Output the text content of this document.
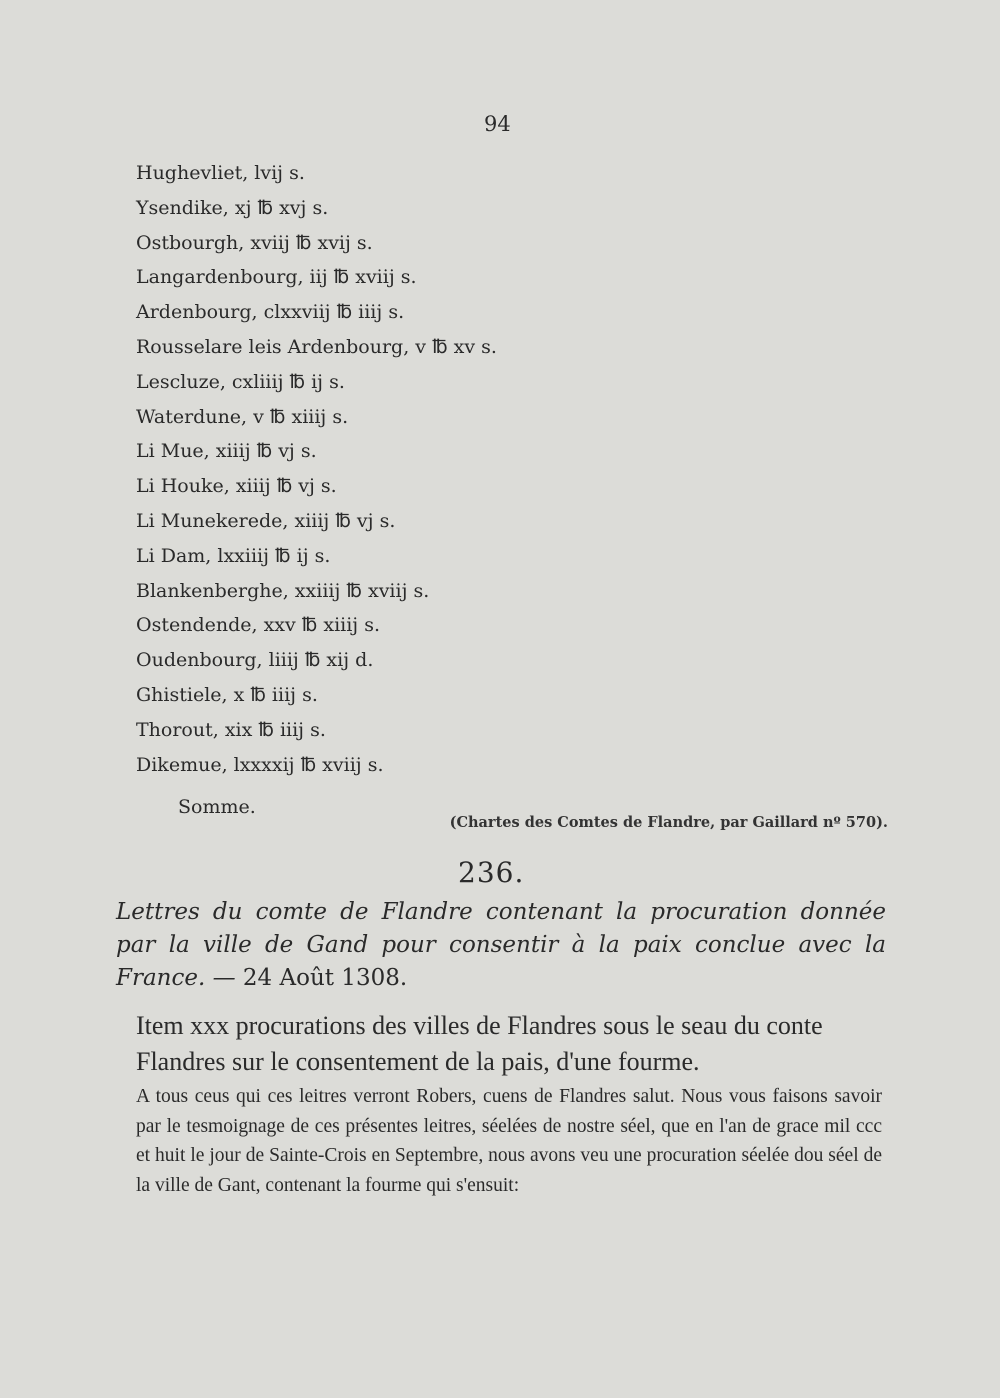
94
Hughevliet, lvij s.
Ysendike, xj ℔ xvj s.
Ostbourgh, xviij ℔ xvij s.
Langardenbourg, iij ℔ xviij s.
Ardenbourg, clxxviij ℔ iiij s.
Rousselare leis Ardenbourg, v ℔ xv s.
Lescluze, cxliiij ℔ ij s.
Waterdune, v ℔ xiiij s.
Li Mue, xiiij ℔ vj s.
Li Houke, xiiij ℔ vj s.
Li Munekerede, xiiij ℔ vj s.
Li Dam, lxxiiij ℔ ij s.
Blankenberghe, xxiiij ℔ xviij s.
Ostendende, xxv ℔ xiiij s.
Oudenbourg, liiij ℔ xij d.
Ghistiele, x ℔ iiij s.
Thorout, xix ℔ iiij s.
Dikemue, lxxxxij ℔ xviij s.
Somme.
(Chartes des Comtes de Flandre, par Gaillard nº 570).
236.
Lettres du comte de Flandre contenant la procuration donnée par la ville de Gand pour consentir à la paix conclue avec la France. — 24 Août 1308.
Item xxx procurations des villes de Flandres sous le seau du conte Flandres sur le consentement de la pais, d'une fourme.
A tous ceus qui ces leitres verront Robers, cuens de Flandres salut. Nous vous faisons savoir par le tesmoignage de ces présentes leitres, séelées de nostre séel, que en l'an de grace mil ccc et huit le jour de Sainte-Crois en Septembre, nous avons veu une procuration séelée dou séel de la ville de Gant, contenant la fourme qui s'ensuit:
